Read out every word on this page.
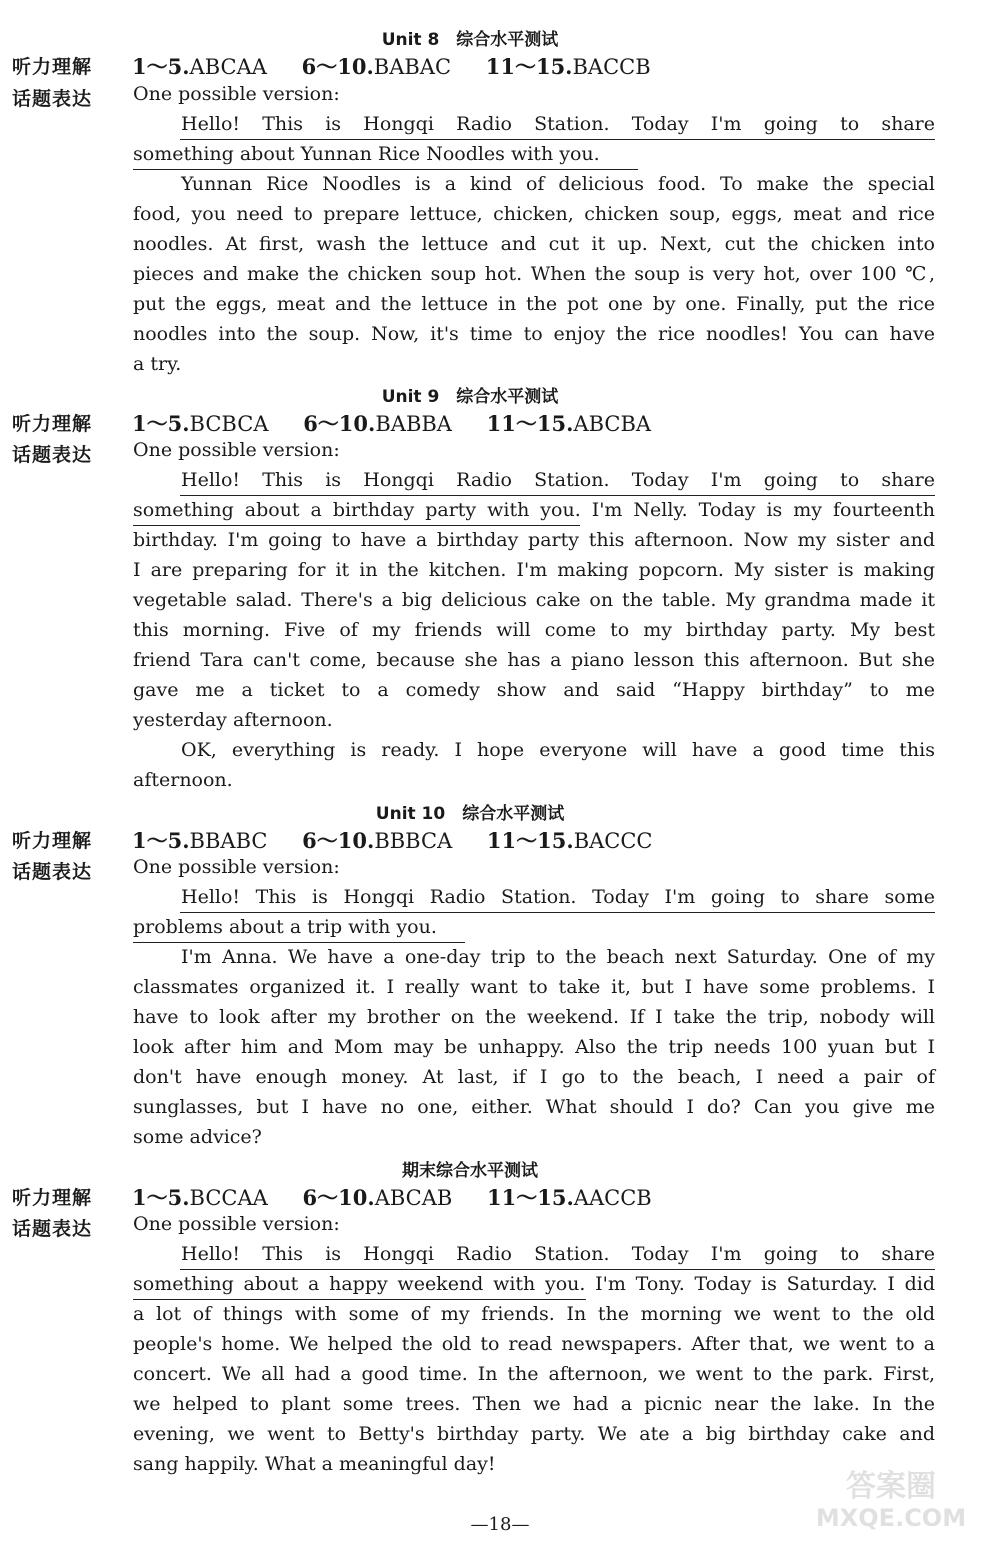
Unit 8　综合水平测试
听力理解 1～5.ABCAA 6～10.BABAC 11～15.BACCB
话题表达 One possible version:
Hello! This is Hongqi Radio Station. Today I'm going to share
something about Yunnan Rice Noodles with you.
Yunnan Rice Noodles is a kind of delicious food. To make the special
food, you need to prepare lettuce, chicken, chicken soup, eggs, meat and rice
noodles. At first, wash the lettuce and cut it up. Next, cut the chicken into
pieces and make the chicken soup hot. When the soup is very hot, over 100 ℃,
put the eggs, meat and the lettuce in the pot one by one. Finally, put the rice
noodles into the soup. Now, it's time to enjoy the rice noodles! You can have
a try.
Unit 9　综合水平测试
听力理解 1～5.BCBCA 6～10.BABBA 11～15.ABCBA
话题表达 One possible version:
Hello! This is Hongqi Radio Station. Today I'm going to share
something about a birthday party with you. I'm Nelly. Today is my fourteenth
birthday. I'm going to have a birthday party this afternoon. Now my sister and
I are preparing for it in the kitchen. I'm making popcorn. My sister is making
vegetable salad. There's a big delicious cake on the table. My grandma made it
this morning. Five of my friends will come to my birthday party. My best
friend Tara can't come, because she has a piano lesson this afternoon. But she
gave me a ticket to a comedy show and said “Happy birthday” to me
yesterday afternoon.
OK, everything is ready. I hope everyone will have a good time this
afternoon.
Unit 10　综合水平测试
听力理解 1～5.BBABC 6～10.BBBCA 11～15.BACCC
话题表达 One possible version:
Hello! This is Hongqi Radio Station. Today I'm going to share some
problems about a trip with you.
I'm Anna. We have a one-day trip to the beach next Saturday. One of my
classmates organized it. I really want to take it, but I have some problems. I
have to look after my brother on the weekend. If I take the trip, nobody will
look after him and Mom may be unhappy. Also the trip needs 100 yuan but I
don't have enough money. At last, if I go to the beach, I need a pair of
sunglasses, but I have no one, either. What should I do? Can you give me
some advice?
期末综合水平测试
听力理解 1～5.BCCAA 6～10.ABCAB 11～15.AACCB
话题表达 One possible version:
Hello! This is Hongqi Radio Station. Today I'm going to share
something about a happy weekend with you. I'm Tony. Today is Saturday. I did
a lot of things with some of my friends. In the morning we went to the old
people's home. We helped the old to read newspapers. After that, we went to a
concert. We all had a good time. In the afternoon, we went to the park. First,
we helped to plant some trees. Then we had a picnic near the lake. In the
evening, we went to Betty's birthday party. We ate a big birthday cake and
sang happily. What a meaningful day!
—18—
答案圈
MXQE.COM
